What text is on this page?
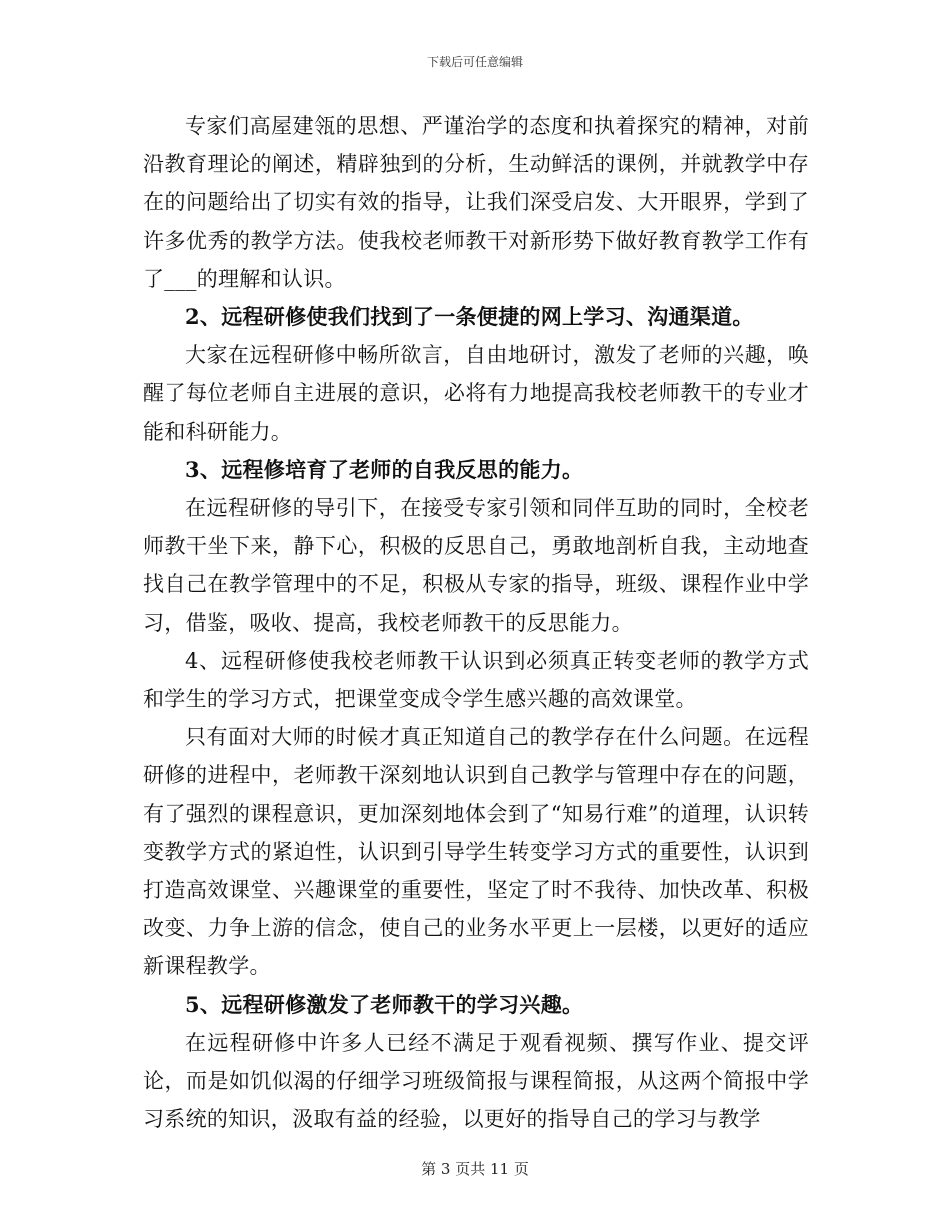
下载后可任意编辑

专家们高屋建瓴的思想、严谨治学的态度和执着探究的精神，对前沿教育理论的阐述，精辟独到的分析，生动鲜活的课例，并就教学中存在的问题给出了切实有效的指导，让我们深受启发、大开眼界，学到了许多优秀的教学方法。使我校老师教干对新形势下做好教育教学工作有了___的理解和认识。

2、远程研修使我们找到了一条便捷的网上学习、沟通渠道。

大家在远程研修中畅所欲言，自由地研讨，激发了老师的兴趣，唤醒了每位老师自主进展的意识，必将有力地提高我校老师教干的专业才能和科研能力。

3、远程修培育了老师的自我反思的能力。

在远程研修的导引下，在接受专家引领和同伴互助的同时，全校老师教干坐下来，静下心，积极的反思自己，勇敢地剖析自我，主动地查找自己在教学管理中的不足，积极从专家的指导，班级、课程作业中学习，借鉴，吸收、提高，我校老师教干的反思能力。

4、远程研修使我校老师教干认识到必须真正转变老师的教学方式和学生的学习方式，把课堂变成令学生感兴趣的高效课堂。

只有面对大师的时候才真正知道自己的教学存在什么问题。在远程研修的进程中，老师教干深刻地认识到自己教学与管理中存在的问题，有了强烈的课程意识，更加深刻地体会到了“知易行难”的道理，认识转变教学方式的紧迫性，认识到引导学生转变学习方式的重要性，认识到打造高效课堂、兴趣课堂的重要性，坚定了时不我待、加快改革、积极改变、力争上游的信念，使自己的业务水平更上一层楼，以更好的适应新课程教学。

5、远程研修激发了老师教干的学习兴趣。

在远程研修中许多人已经不满足于观看视频、撰写作业、提交评论，而是如饥似渴的仔细学习班级简报与课程简报，从这两个简报中学习系统的知识，汲取有益的经验，以更好的指导自己的学习与教学

第 3 页共 11 页
